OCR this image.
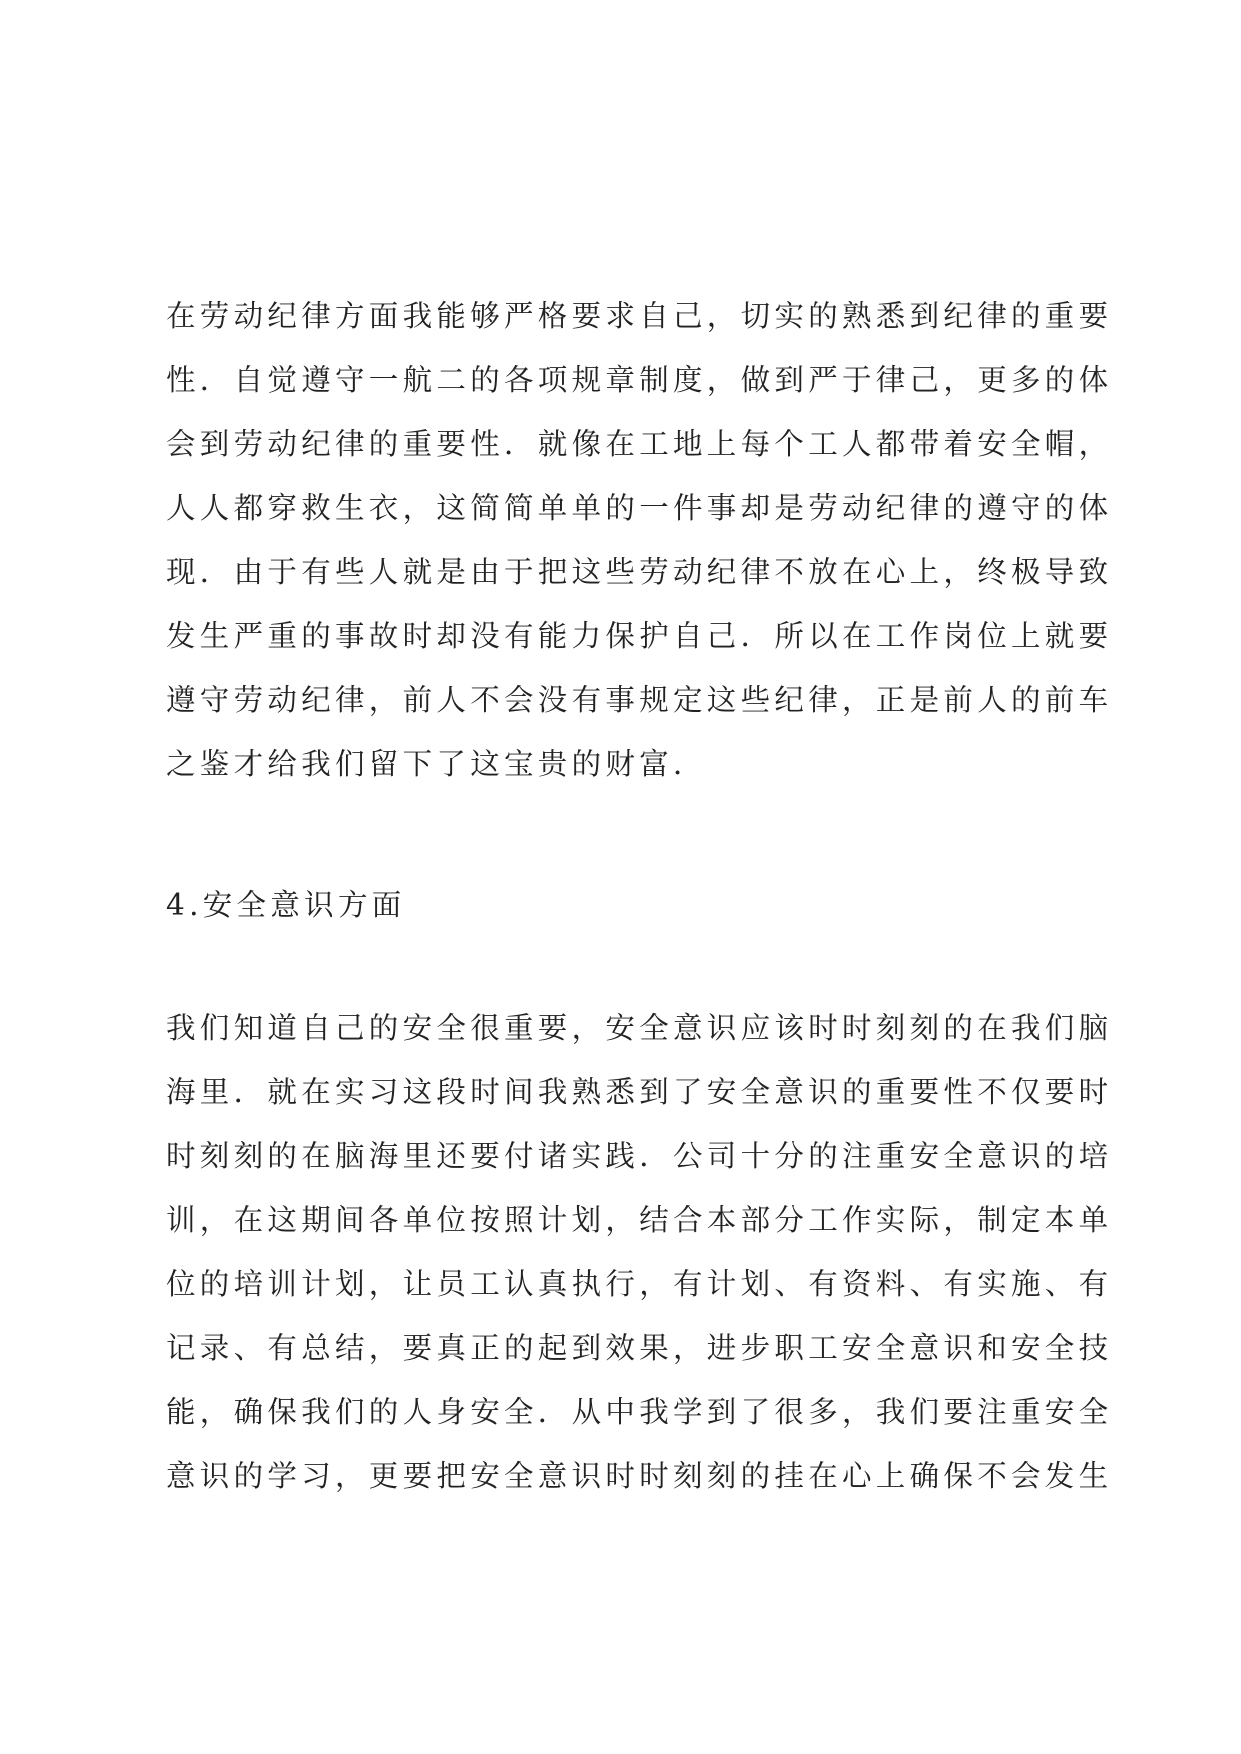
在劳动纪律方面我能够严格要求自己，切实的熟悉到纪律的重要
性．自觉遵守一航二的各项规章制度，做到严于律己，更多的体
会到劳动纪律的重要性．就像在工地上每个工人都带着安全帽，
人人都穿救生衣，这简简单单的一件事却是劳动纪律的遵守的体
现．由于有些人就是由于把这些劳动纪律不放在心上，终极导致
发生严重的事故时却没有能力保护自己．所以在工作岗位上就要
遵守劳动纪律，前人不会没有事规定这些纪律，正是前人的前车
之鉴才给我们留下了这宝贵的财富．
4.安全意识方面
我们知道自己的安全很重要，安全意识应该时时刻刻的在我们脑
海里．就在实习这段时间我熟悉到了安全意识的重要性不仅要时
时刻刻的在脑海里还要付诸实践．公司十分的注重安全意识的培
训，在这期间各单位按照计划，结合本部分工作实际，制定本单
位的培训计划，让员工认真执行，有计划、有资料、有实施、有
记录、有总结，要真正的起到效果，进步职工安全意识和安全技
能，确保我们的人身安全．从中我学到了很多，我们要注重安全
意识的学习，更要把安全意识时时刻刻的挂在心上确保不会发生
